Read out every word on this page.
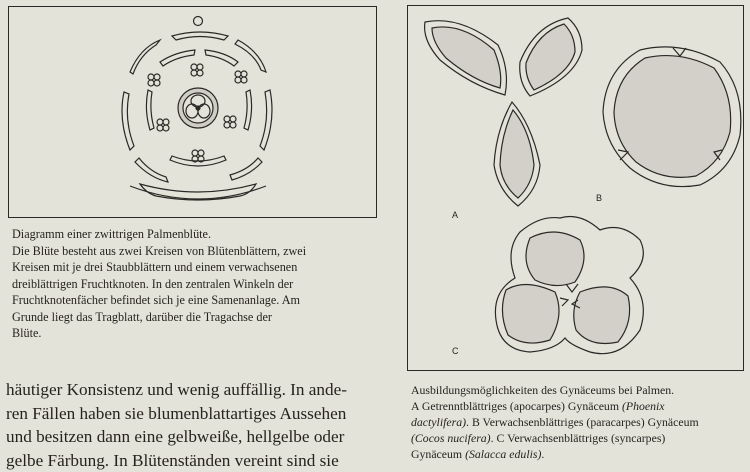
Diagramm einer zwittrigen Palmenblüte.
Die Blüte besteht aus zwei Kreisen von Blütenblättern, zwei
Kreisen mit je drei Staubblättern und einem verwachsenen
dreiblättrigen Fruchtknoten. In den zentralen Winkeln der
Fruchtknotenfächer befindet sich je eine Samenanlage. Am
Grunde liegt das Tragblatt, darüber die Tragachse der
Blüte.
A
B
C
Ausbildungsmöglichkeiten des Gynäceums bei Palmen.
A Getrenntblättriges (apocarpes) Gynäceum (Phoenix
dactylifera). B Verwachsenblättriges (paracarpes) Gynäceum
(Cocos nucifera). C Verwachsenblättriges (syncarpes)
Gynäceum (Salacca edulis).
häutiger Konsistenz und wenig auffällig. In ande-
ren Fällen haben sie blumenblattartiges Aussehen
und besitzen dann eine gelbweiße, hellgelbe oder
gelbe Färbung. In Blütenständen vereint sind sie
